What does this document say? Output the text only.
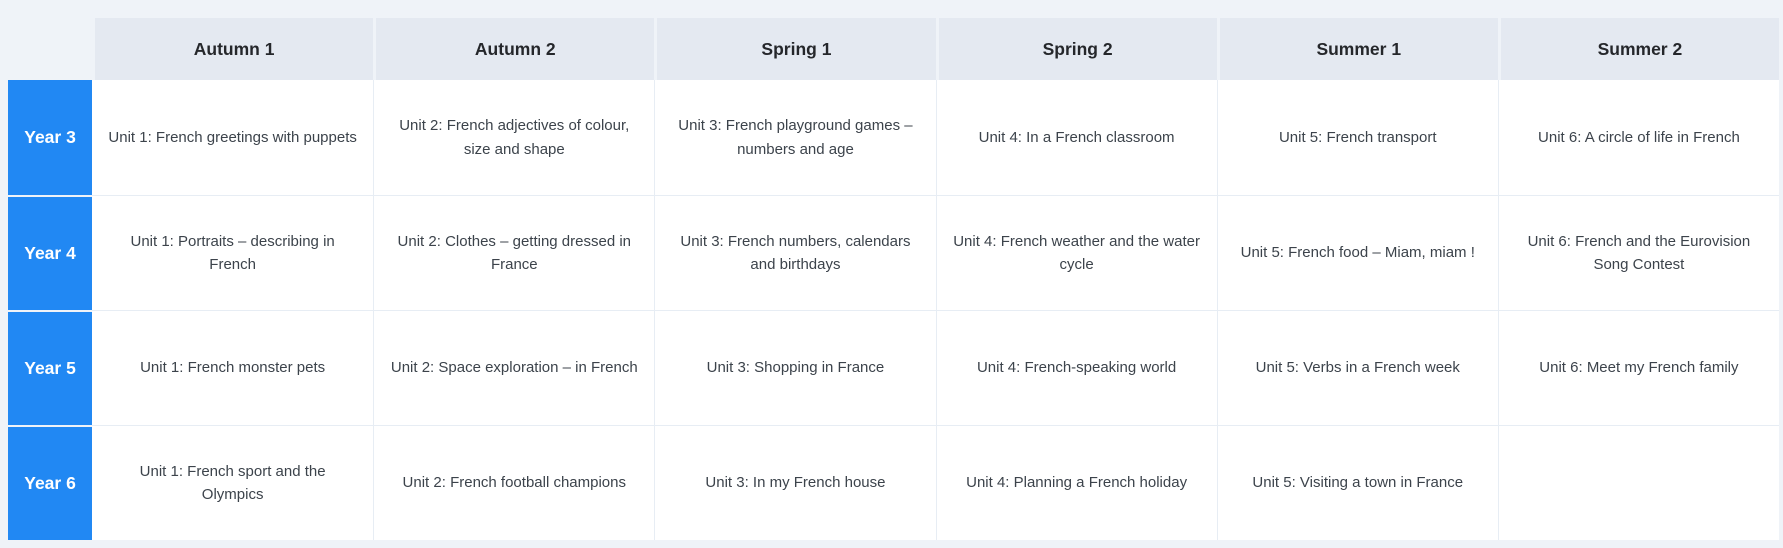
	Autumn 1	Autumn 2	Spring 1	Spring 2	Summer 1	Summer 2
Year 3	Unit 1: French greetings with puppets	Unit 2: French adjectives of colour, size and shape	Unit 3: French playground games – numbers and age	Unit 4: In a French classroom	Unit 5: French transport	Unit 6: A circle of life in French
Year 4	Unit 1: Portraits – describing in French	Unit 2: Clothes – getting dressed in France	Unit 3: French numbers, calendars and birthdays	Unit 4: French weather and the water cycle	Unit 5: French food – Miam, miam !	Unit 6: French and the Eurovision Song Contest
Year 5	Unit 1: French monster pets	Unit 2: Space exploration – in French	Unit 3: Shopping in France	Unit 4: French-speaking world	Unit 5: Verbs in a French week	Unit 6: Meet my French family
Year 6	Unit 1: French sport and the Olympics	Unit 2: French football champions	Unit 3: In my French house	Unit 4: Planning a French holiday	Unit 5: Visiting a town in France	
